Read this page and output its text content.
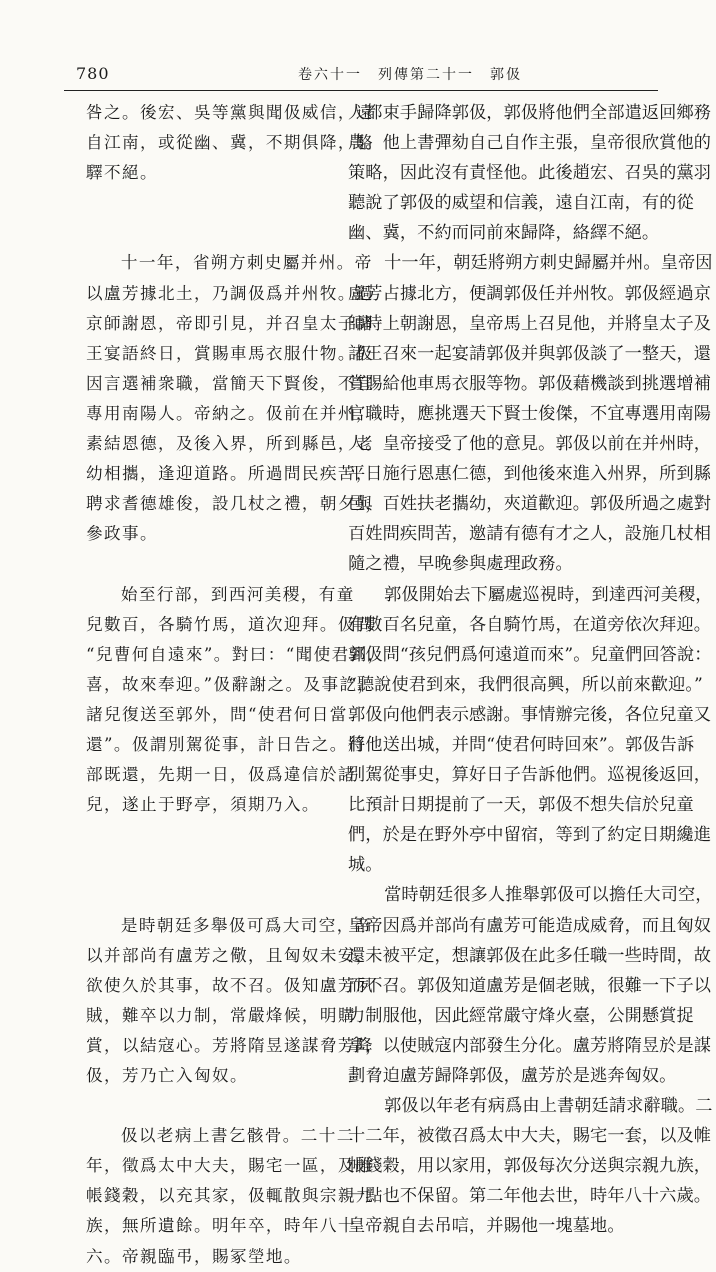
780	卷六十一　列傳第二十一　郭伋
咎之。後宏、吳等黨與聞伋威信，遠
自江南，或從幽、冀，不期俱降，駱
驛不絕。
十一年，省朔方刺史屬并州。帝
以盧芳據北土，乃調伋爲并州牧。過
京師謝恩，帝即引見，并召皇太子諸
王宴語終日，賞賜車馬衣服什物。伋
因言選補衆職，當簡天下賢俊，不宜
專用南陽人。帝納之。伋前在并州，
素結恩德，及後入界，所到縣邑，老
幼相攜，逢迎道路。所過問民疾苦，
聘求耆德雄俊，設几杖之禮，朝夕與
參政事。
始至行部，到西河美稷，有童
兒數百，各騎竹馬，道次迎拜。伋問
“兒曹何自遠來”。對曰：“聞使君到，
喜，故來奉迎。”伋辭謝之。及事訖，
諸兒復送至郭外，問“使君何日當
還”。伋謂別駕從事，計日告之。行
部既還，先期一日，伋爲違信於諸
兒，遂止于野亭，須期乃入。
是時朝廷多舉伋可爲大司空，帝
以并部尚有盧芳之儆，且匈奴未安，
欲使久於其事，故不召。伋知盧芳夙
賊，難卒以力制，常嚴烽候，明購
賞，以結寇心。芳將隋昱遂謀脅芳降
伋，芳乃亡入匈奴。
伋以老病上書乞骸骨。二十二
年，徵爲太中大夫，賜宅一區，及帷
帳錢穀，以充其家，伋輒散與宗親九
族，無所遺餘。明年卒，時年八十
六。帝親臨弔，賜冢塋地。
人都束手歸降郭伋，郭伋將他們全部遣返回鄉務
農。他上書彈劾自己自作主張，皇帝很欣賞他的
策略，因此沒有責怪他。此後趙宏、召吳的黨羽
聽說了郭伋的威望和信義，遠自江南，有的從
幽、冀，不約而同前來歸降，絡繹不絕。
十一年，朝廷將朔方刺史歸屬并州。皇帝因
盧芳占據北方，便調郭伋任并州牧。郭伋經過京
師時上朝謝恩，皇帝馬上召見他，并將皇太子及
諸王召來一起宴請郭伋并與郭伋談了一整天，還
賞賜給他車馬衣服等物。郭伋藉機談到挑選增補
官職時，應挑選天下賢士俊傑，不宜專選用南陽
人。皇帝接受了他的意見。郭伋以前在并州時，
平日施行恩惠仁德，到他後來進入州界，所到縣
邑，百姓扶老攜幼，夾道歡迎。郭伋所過之處對
百姓問疾問苦，邀請有德有才之人，設施几杖相
隨之禮，早晚參與處理政務。
郭伋開始去下屬處巡視時，到達西河美稷，
有數百名兒童，各自騎竹馬，在道旁依次拜迎。
郭伋問“孩兒們爲何遠道而來”。兒童們回答說：
“聽說使君到來，我們很高興，所以前來歡迎。”
郭伋向他們表示感謝。事情辦完後，各位兒童又
將他送出城，并問“使君何時回來”。郭伋告訴
別駕從事史，算好日子告訴他們。巡視後返回，
比預計日期提前了一天，郭伋不想失信於兒童
們，於是在野外亭中留宿，等到了約定日期纔進
城。
當時朝廷很多人推舉郭伋可以擔任大司空，
皇帝因爲并部尚有盧芳可能造成威脅，而且匈奴
還未被平定，想讓郭伋在此多任職一些時間，故
而不召。郭伋知道盧芳是個老賊，很難一下子以
力制服他，因此經常嚴守烽火臺，公開懸賞捉
拿，以使賊寇内部發生分化。盧芳將隋昱於是謀
劃脅迫盧芳歸降郭伋，盧芳於是逃奔匈奴。
郭伋以年老有病爲由上書朝廷請求辭職。二
十二年，被徵召爲太中大夫，賜宅一套，以及帷
帳錢穀，用以家用，郭伋每次分送與宗親九族，
一點也不保留。第二年他去世，時年八十六歲。
皇帝親自去吊唁，并賜他一塊墓地。
